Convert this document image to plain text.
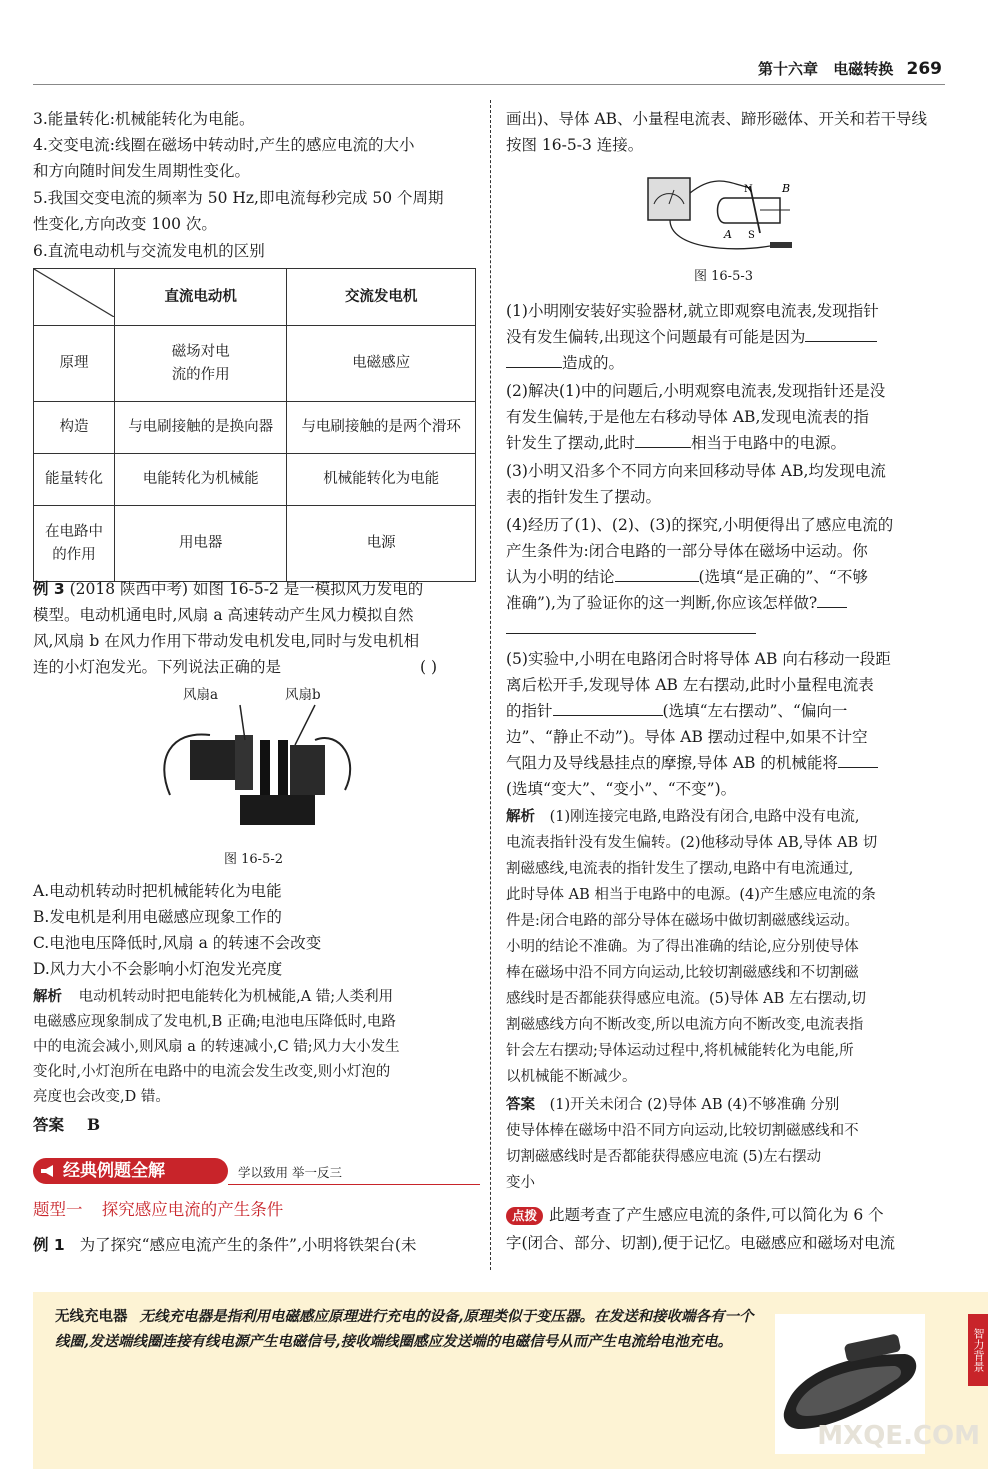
第十六章 电磁转换 269
3.能量转化:机械能转化为电能。
4.交变电流:线圈在磁场中转动时,产生的感应电流的大小
和方向随时间发生周期性变化。
5.我国交变电流的频率为 50 Hz,即电流每秒完成 50 个周期
性变化,方向改变 100 次。
6.直流电动机与交流发电机的区别
	直流电动机	交流发电机
原理	磁场对电
流的作用	电磁感应
构造	与电刷接触的是换向器	与电刷接触的是两个滑环
能量转化	电能转化为机械能	机械能转化为电能
在电路中
的作用	用电器	电源
例 3 (2018 陕西中考) 如图 16-5-2 是一模拟风力发电的
模型。电动机通电时,风扇 a 高速转动产生风力模拟自然
风,风扇 b 在风力作用下带动发电机发电,同时与发电机相
连的小灯泡发光。下列说法正确的是	( )
风扇a	风扇b
图 16-5-2
A.电动机转动时把机械能转化为电能
B.发电机是利用电磁感应现象工作的
C.电池电压降低时,风扇 a 的转速不会改变
D.风力大小不会影响小灯泡发光亮度
解析 电动机转动时把电能转化为机械能,A 错;人类利用
电磁感应现象制成了发电机,B 正确;电池电压降低时,电路
中的电流会减小,则风扇 a 的转速减小,C 错;风力大小发生
变化时,小灯泡所在电路中的电流会发生改变,则小灯泡的
亮度也会改变,D 错。
答案 B
经典例题全解	学以致用 举一反三
题型一 探究感应电流的产生条件
例 1 为了探究“感应电流产生的条件”,小明将铁架台(未
画出)、导体 AB、小量程电流表、蹄形磁体、开关和若干导线
按图 16-5-3 连接。
N	B
A S
图 16-5-3
(1)小明刚安装好实验器材,就立即观察电流表,发现指针
没有发生偏转,出现这个问题最有可能是因为
造成的。
(2)解决(1)中的问题后,小明观察电流表,发现指针还是没
有发生偏转,于是他左右移动导体 AB,发现电流表的指
针发生了摆动,此时	相当于电路中的电源。
(3)小明又沿多个不同方向来回移动导体 AB,均发现电流
表的指针发生了摆动。
(4)经历了(1)、(2)、(3)的探究,小明便得出了感应电流的
产生条件为:闭合电路的一部分导体在磁场中运动。你
认为小明的结论	(选填“是正确的”、“不够
准确”),为了验证你的这一判断,你应该怎样做?
(5)实验中,小明在电路闭合时将导体 AB 向右移动一段距
离后松开手,发现导体 AB 左右摆动,此时小量程电流表
的指针	(选填“左右摆动”、“偏向一
边”、“静止不动”)。导体 AB 摆动过程中,如果不计空
气阻力及导线悬挂点的摩擦,导体 AB 的机械能将
(选填“变大”、“变小”、“不变”)。
解析 (1)刚连接完电路,电路没有闭合,电路中没有电流,
电流表指针没有发生偏转。(2)他移动导体 AB,导体 AB 切
割磁感线,电流表的指针发生了摆动,电路中有电流通过,
此时导体 AB 相当于电路中的电源。(4)产生感应电流的条
件是:闭合电路的部分导体在磁场中做切割磁感线运动。
小明的结论不准确。为了得出准确的结论,应分别使导体
棒在磁场中沿不同方向运动,比较切割磁感线和不切割磁
感线时是否都能获得感应电流。(5)导体 AB 左右摆动,切
割磁感线方向不断改变,所以电流方向不断改变,电流表指
针会左右摆动;导体运动过程中,将机械能转化为电能,所
以机械能不断减少。
答案 (1)开关未闭合 (2)导体 AB (4)不够准确 分别
使导体棒在磁场中沿不同方向运动,比较切割磁感线和不
切割磁感线时是否都能获得感应电流 (5)左右摆动
变小
点拨 此题考查了产生感应电流的条件,可以简化为 6 个
字(闭合、部分、切割),便于记忆。电磁感应和磁场对电流
无线充电器 无线充电器是指利用电磁感应原理进行充电的设备,原理类似于变压器。在发送和接收端各有一个线圈,发送端线圈连接有线电源产生电磁信号,接收端线圈感应发送端的电磁信号从而产生电流给电池充电。	智力背景
MXQE.COM
